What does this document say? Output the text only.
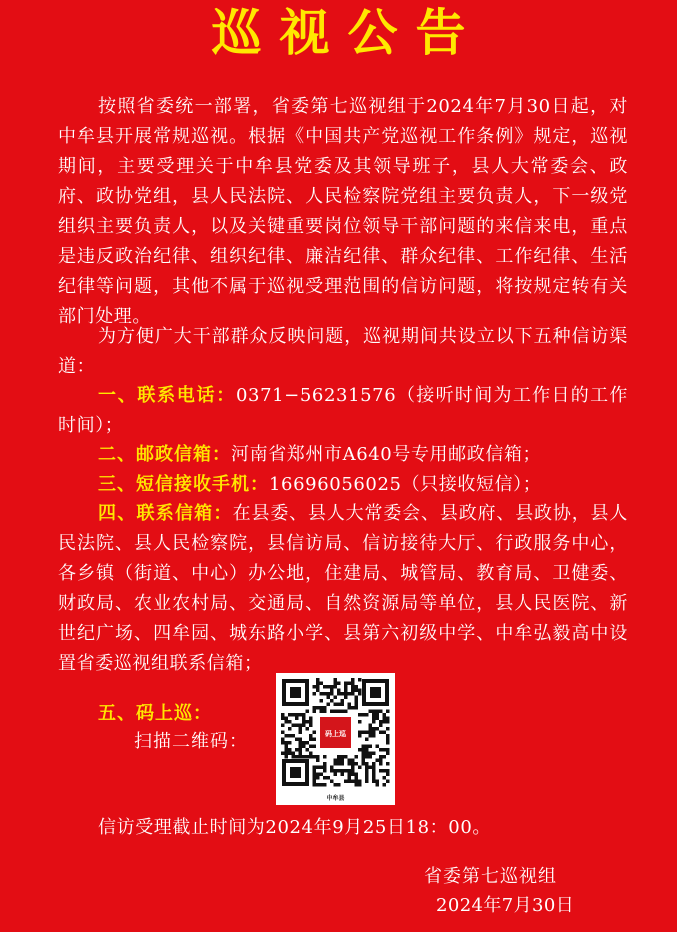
巡视公告

按照省委统一部署，省委第七巡视组于2024年7月30日起，对中牟县开展常规巡视。根据《中国共产党巡视工作条例》规定，巡视期间，主要受理关于中牟县党委及其领导班子，县人大常委会、政府、政协党组，县人民法院、人民检察院党组主要负责人，下一级党组织主要负责人，以及关键重要岗位领导干部问题的来信来电，重点是违反政治纪律、组织纪律、廉洁纪律、群众纪律、工作纪律、生活纪律等问题，其他不属于巡视受理范围的信访问题，将按规定转有关部门处理。

为方便广大干部群众反映问题，巡视期间共设立以下五种信访渠道：

一、联系电话：0371−56231576（接听时间为工作日的工作时间）；

二、邮政信箱：河南省郑州市A640号专用邮政信箱；

三、短信接收手机：16696056025（只接收短信）；

四、联系信箱：在县委、县人大常委会、县政府、县政协，县人民法院、县人民检察院，县信访局、信访接待大厅、行政服务中心，各乡镇（街道、中心）办公地，住建局、城管局、教育局、卫健委、财政局、农业农村局、交通局、自然资源局等单位，县人民医院、新世纪广场、四牟园、城东路小学、县第六初级中学、中牟弘毅高中设置省委巡视组联系信箱；

五、码上巡：
扫描二维码：	码上巡
中牟县
信访受理截止时间为2024年9月25日18：00。
省委第七巡视组
2024年7月30日
